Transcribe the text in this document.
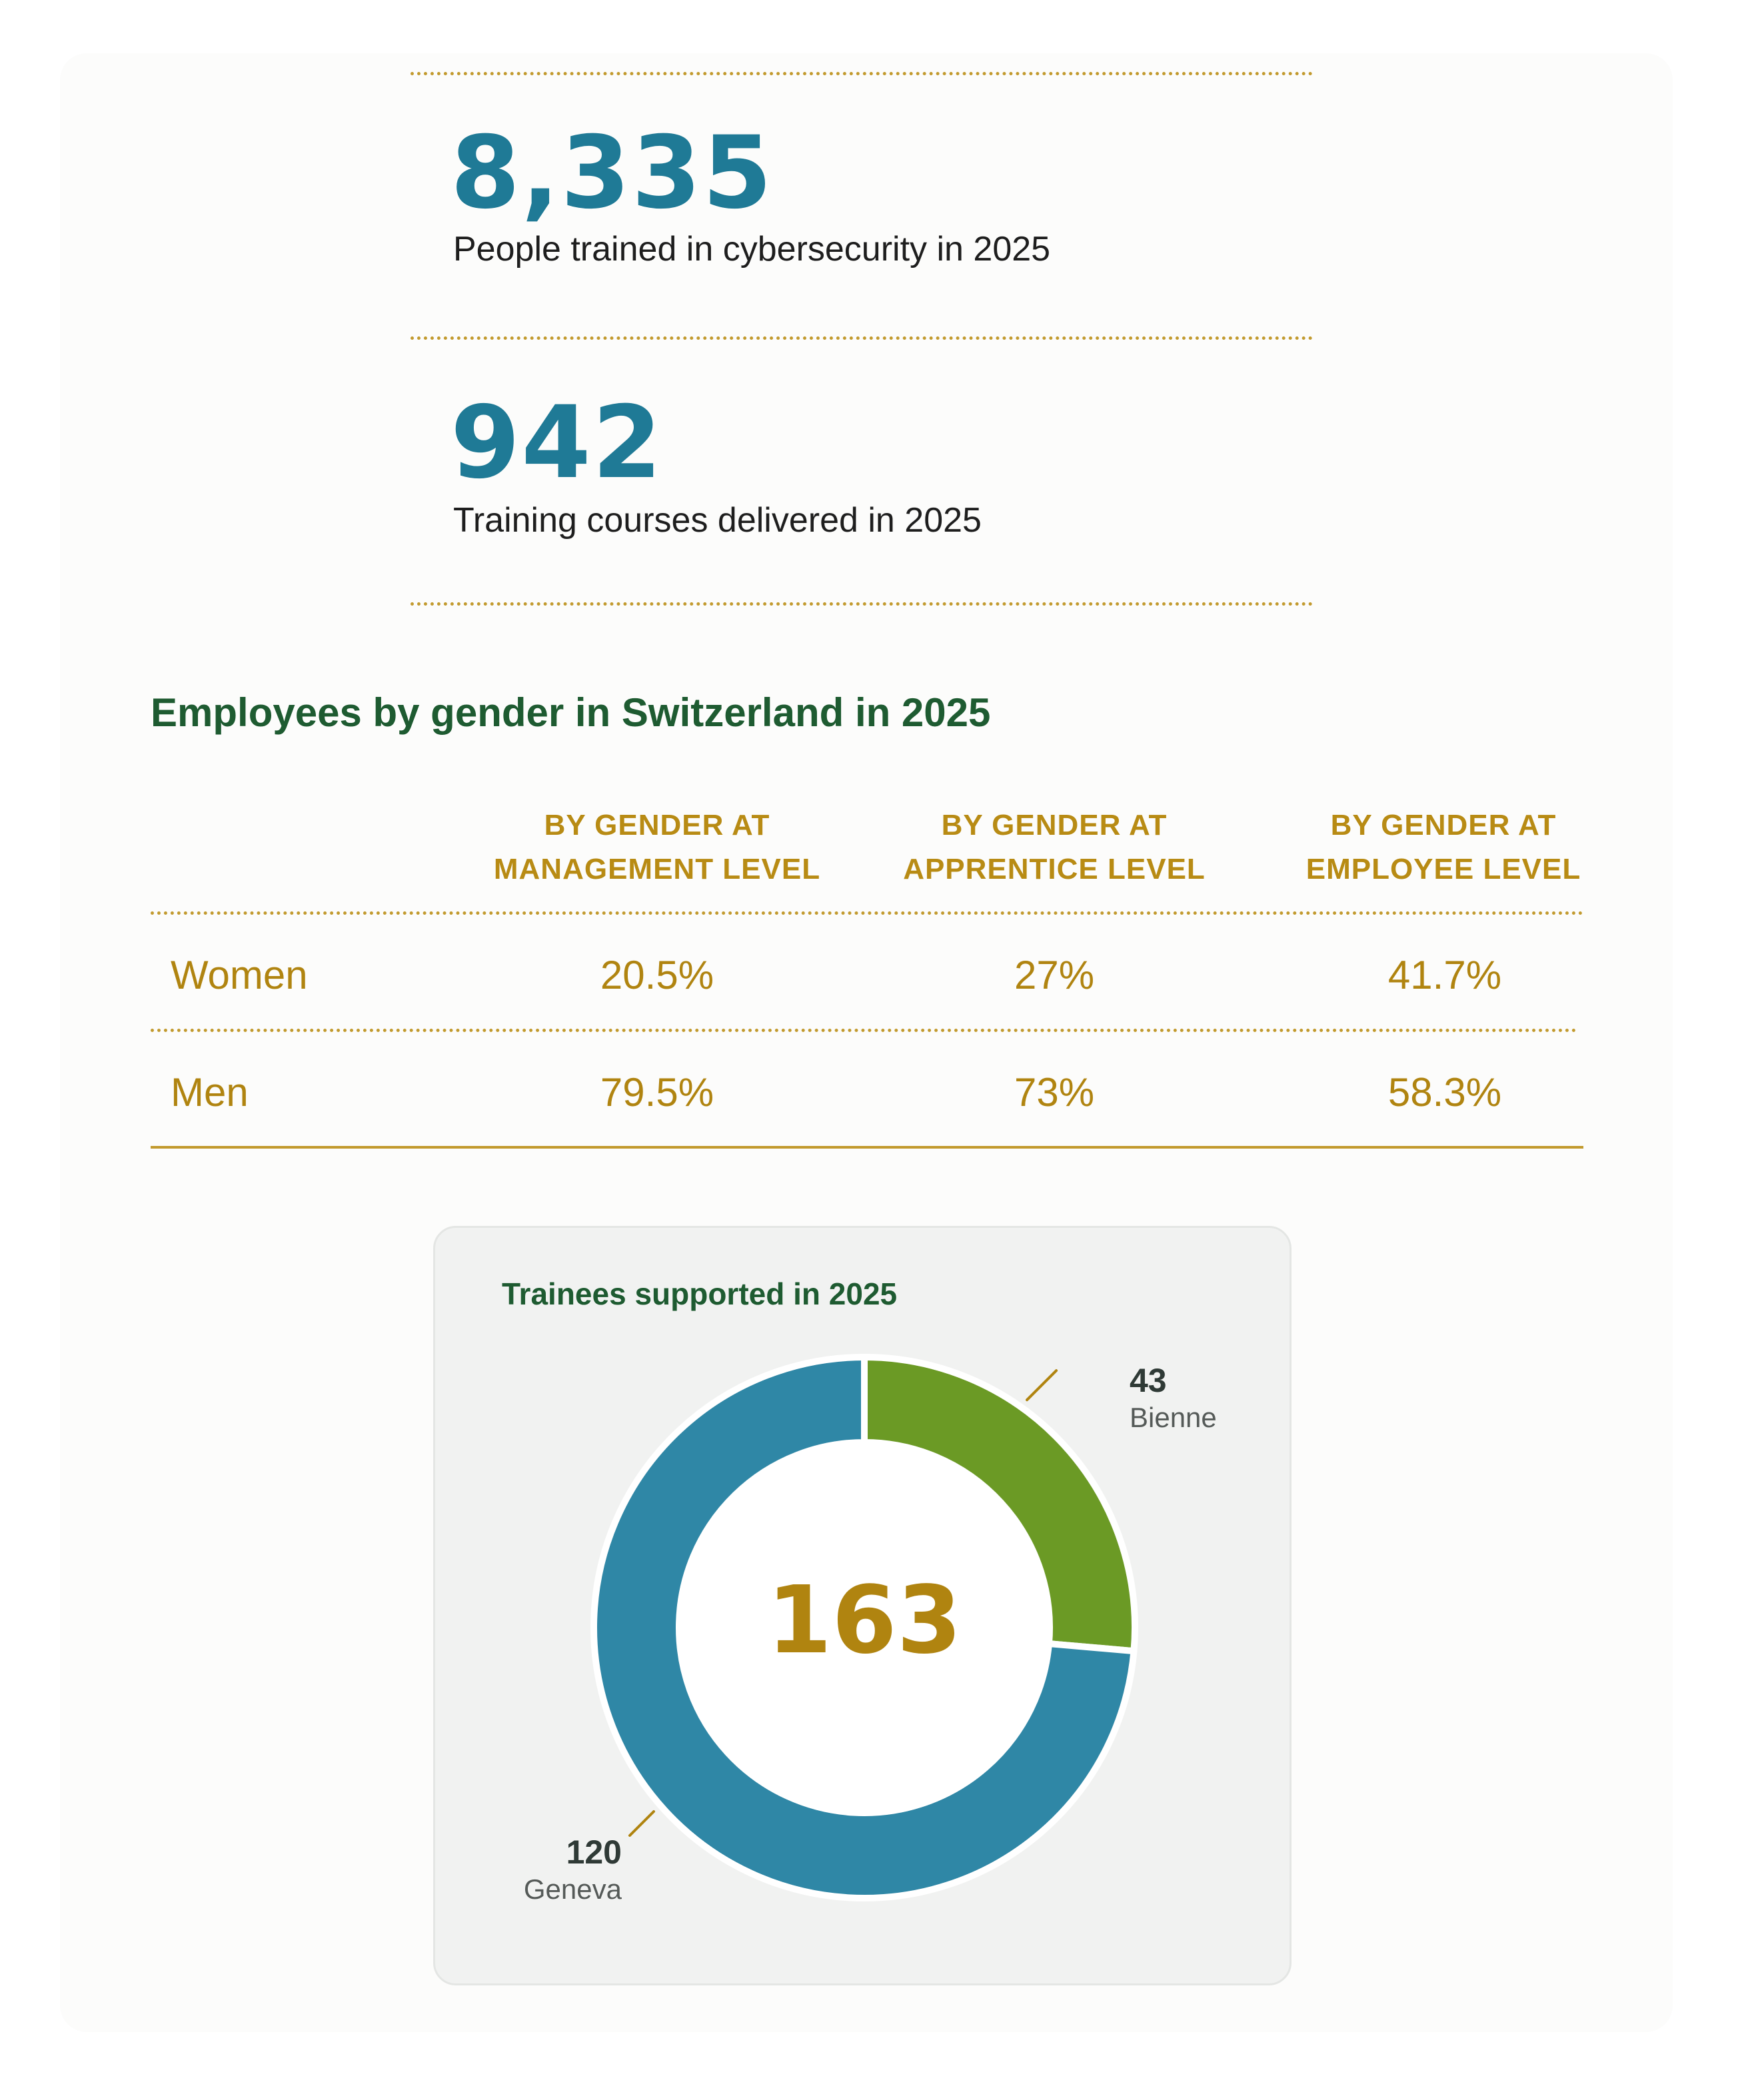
8,335
People trained in cybersecurity in 2025
942
Training courses delivered in 2025
Employees by gender in Switzerland in 2025
BY GENDER AT
MANAGEMENT LEVEL
BY GENDER AT
APPRENTICE LEVEL
BY GENDER AT
EMPLOYEE LEVEL
Women	20.5%	27%	41.7%
Men	79.5%	73%	58.3%
Trainees supported in 2025
163
43
Bienne
120
Geneva
